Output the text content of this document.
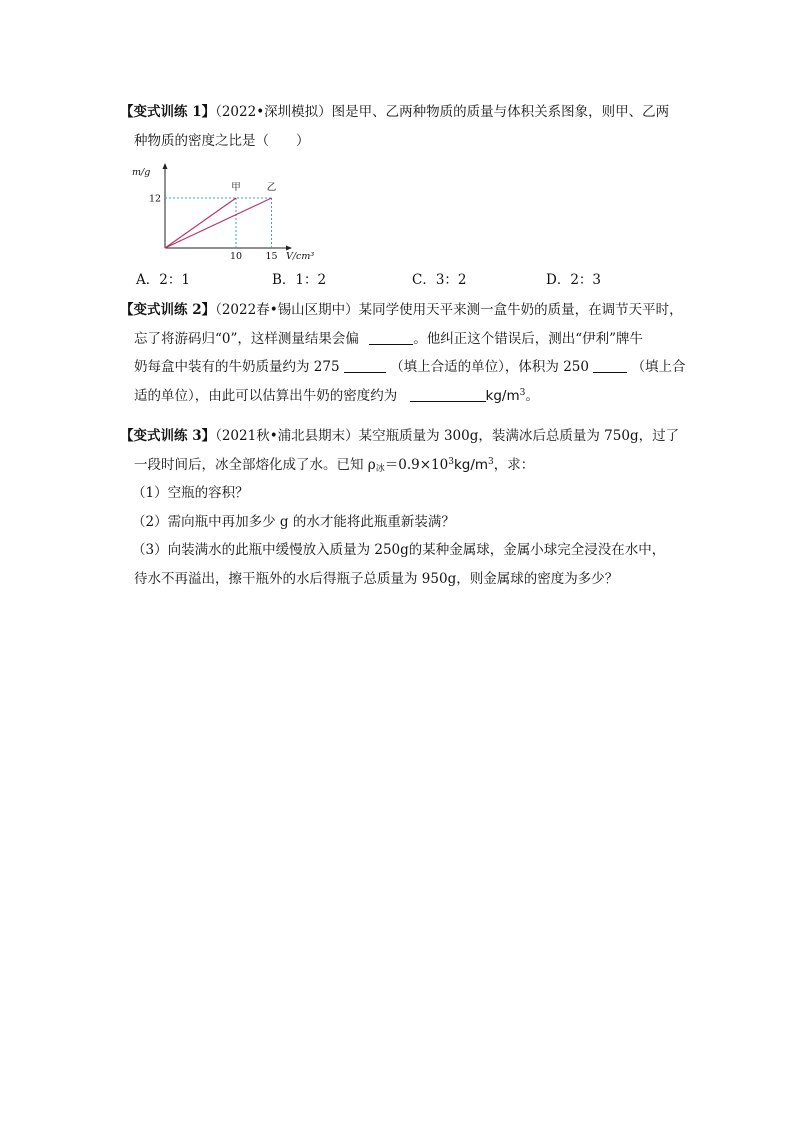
【变式训练 1】（2022•深圳模拟）图是甲、乙两种物质的质量与体积关系图象，则甲、乙两
种物质的密度之比是（　　）
m/g
V/cm³
12
10 15
甲	乙
A．2：1	B．1：2	C．3：2	D．2：3
【变式训练 2】（2022春•锡山区期中）某同学使用天平来测一盒牛奶的质量，在调节天平时，
忘了将游码归“0”，这样测量结果会偏	。他纠正这个错误后，测出“伊利”牌牛
奶每盒中装有的牛奶质量约为 275	（填上合适的单位），体积为 250	（填上合
适的单位），由此可以估算出牛奶的密度约为	$kg/m^3$。
【变式训练 3】（2021秋•浦北县期末）某空瓶质量为 300g，装满冰后总质量为 750g，过了
一段时间后，冰全部熔化成了水。已知 $\rho_冰=0.9\times 10^3kg/m^3$，求：
（1）空瓶的容积？
（2）需向瓶中再加多少 g 的水才能将此瓶重新装满？
（3）向装满水的此瓶中缓慢放入质量为 250g的某种金属球，金属小球完全浸没在水中，
待水不再溢出，擦干瓶外的水后得瓶子总质量为 950g，则金属球的密度为多少？
